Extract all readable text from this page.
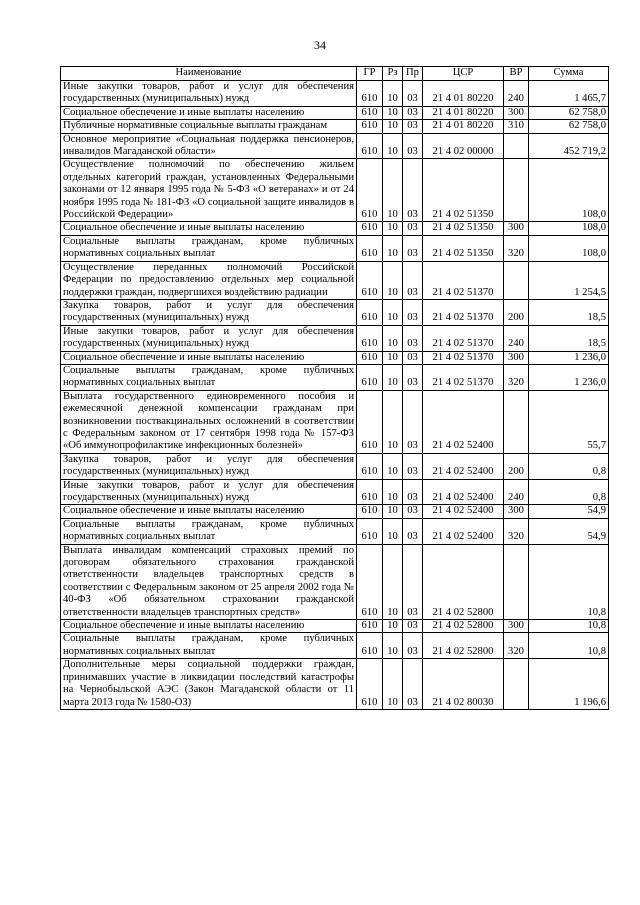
34
Наименование	ГР	Рз	Пр	ЦСР	ВР	Сумма
Иные закупки товаров, работ и услуг для обеспечения государственных (муниципальных) нужд	610	10	03	21 4 01 80220	240	1 465,7
Социальное обеспечение и иные выплаты населению	610	10	03	21 4 01 80220	300	62 758,0
Публичные нормативные социальные выплаты гражданам	610	10	03	21 4 01 80220	310	62 758,0
Основное мероприятие «Социальная поддержка пенсионеров, инвалидов Магаданской области»	610	10	03	21 4 02 00000		452 719,2
Осуществление полномочий по обеспечению жильем отдельных категорий граждан, установленных Федеральными законами от 12 января 1995 года № 5-ФЗ «О ветеранах» и от 24 ноября 1995 года № 181-ФЗ «О социальной защите инвалидов в Российской Федерации»	610	10	03	21 4 02 51350		108,0
Социальное обеспечение и иные выплаты населению	610	10	03	21 4 02 51350	300	108,0
Социальные выплаты гражданам, кроме публичных нормативных социальных выплат	610	10	03	21 4 02 51350	320	108,0
Осуществление переданных полномочий Российской Федерации по предоставлению отдельных мер социальной поддержки граждан, подвергшихся воздействию радиации	610	10	03	21 4 02 51370		1 254,5
Закупка товаров, работ и услуг для обеспечения государственных (муниципальных) нужд	610	10	03	21 4 02 51370	200	18,5
Иные закупки товаров, работ и услуг для обеспечения государственных (муниципальных) нужд	610	10	03	21 4 02 51370	240	18,5
Социальное обеспечение и иные выплаты населению	610	10	03	21 4 02 51370	300	1 236,0
Социальные выплаты гражданам, кроме публичных нормативных социальных выплат	610	10	03	21 4 02 51370	320	1 236,0
Выплата государственного единовременного пособия и ежемесячной денежной компенсации гражданам при возникновении поствакцинальных осложнений в соответствии с Федеральным законом от 17 сентября 1998 года № 157-ФЗ «Об иммунопрофилактике инфекционных болезней»	610	10	03	21 4 02 52400		55,7
Закупка товаров, работ и услуг для обеспечения государственных (муниципальных) нужд	610	10	03	21 4 02 52400	200	0,8
Иные закупки товаров, работ и услуг для обеспечения государственных (муниципальных) нужд	610	10	03	21 4 02 52400	240	0,8
Социальное обеспечение и иные выплаты населению	610	10	03	21 4 02 52400	300	54,9
Социальные выплаты гражданам, кроме публичных нормативных социальных выплат	610	10	03	21 4 02 52400	320	54,9
Выплата инвалидам компенсаций страховых премий по договорам обязательного страхования гражданской ответственности владельцев транспортных средств в соответствии с Федеральным законом от 25 апреля 2002 года № 40-ФЗ «Об обязательном страховании гражданской ответственности владельцев транспортных средств»	610	10	03	21 4 02 52800		10,8
Социальное обеспечение и иные выплаты населению	610	10	03	21 4 02 52800	300	10,8
Социальные выплаты гражданам, кроме публичных нормативных социальных выплат	610	10	03	21 4 02 52800	320	10,8
Дополнительные меры социальной поддержки граждан, принимавших участие в ликвидации последствий катастрофы на Чернобыльской АЭС (Закон Магаданской области от 11 марта 2013 года № 1580-ОЗ)	610	10	03	21 4 02 80030		1 196,6
